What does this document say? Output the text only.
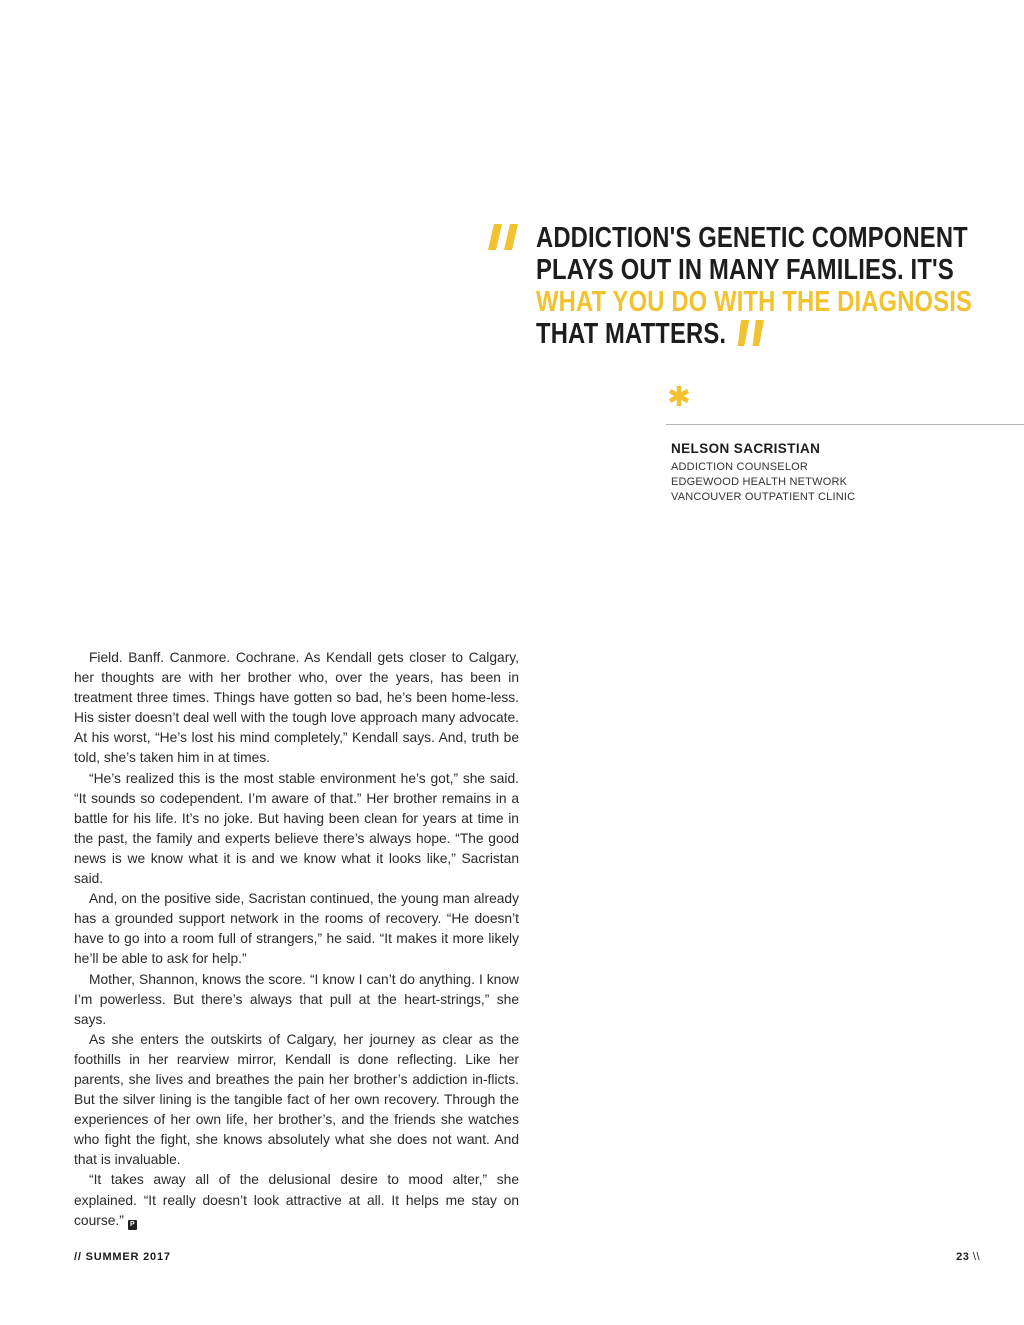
ADDICTION'S GENETIC COMPONENT
PLAYS OUT IN MANY FAMILIES. IT'S
WHAT YOU DO WITH THE DIAGNOSIS
THAT MATTERS.
NELSON SACRISTIAN
ADDICTION COUNSELOR
EDGEWOOD HEALTH NETWORK
VANCOUVER OUTPATIENT CLINIC

Field. Banff. Canmore. Cochrane. As Kendall gets closer to Calgary, her thoughts are with her brother who, over the years, has been in treatment three times. Things have gotten so bad, he’s been home-less. His sister doesn’t deal well with the tough love approach many advocate. At his worst, “He’s lost his mind completely,” Kendall says. And, truth be told, she’s taken him in at times.

“He’s realized this is the most stable environment he’s got,” she said. “It sounds so codependent. I’m aware of that.” Her brother remains in a battle for his life. It’s no joke. But having been clean for years at time in the past, the family and experts believe there’s always hope. “The good news is we know what it is and we know what it looks like,” Sacristan said.

And, on the positive side, Sacristan continued, the young man already has a grounded support network in the rooms of recovery. “He doesn’t have to go into a room full of strangers,” he said. “It makes it more likely he’ll be able to ask for help.”

Mother, Shannon, knows the score. “I know I can’t do anything. I know I’m powerless. But there’s always that pull at the heart-strings,” she says.

As she enters the outskirts of Calgary, her journey as clear as the foothills in her rearview mirror, Kendall is done reflecting. Like her parents, she lives and breathes the pain her brother’s addiction in-flicts. But the silver lining is the tangible fact of her own recovery. Through the experiences of her own life, her brother’s, and the friends she watches who fight the fight, she knows absolutely what she does not want. And that is invaluable.

“It takes away all of the delusional desire to mood alter,” she explained. “It really doesn’t look attractive at all. It helps me stay on course.” P

// SUMMER 2017	23 \\
